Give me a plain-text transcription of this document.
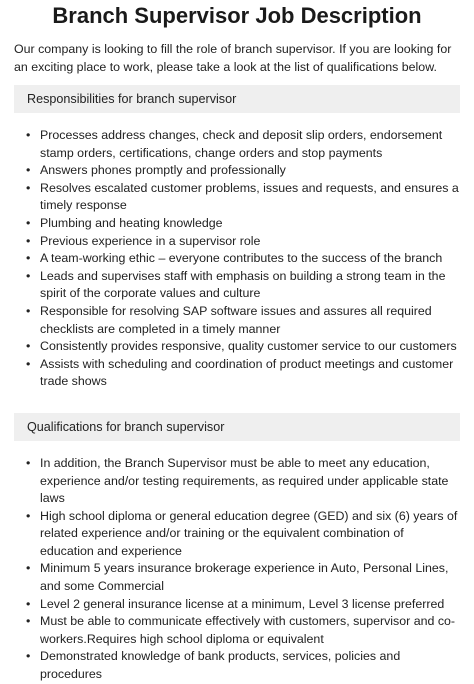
Branch Supervisor Job Description

Our company is looking to fill the role of branch supervisor. If you are looking for an exciting place to work, please take a look at the list of qualifications below.

Responsibilities for branch supervisor
• Processes address changes, check and deposit slip orders, endorsement stamp orders, certifications, change orders and stop payments
• Answers phones promptly and professionally
• Resolves escalated customer problems, issues and requests, and ensures a timely response
• Plumbing and heating knowledge
• Previous experience in a supervisor role
• A team-working ethic – everyone contributes to the success of the branch
• Leads and supervises staff with emphasis on building a strong team in the spirit of the corporate values and culture
• Responsible for resolving SAP software issues and assures all required checklists are completed in a timely manner
• Consistently provides responsive, quality customer service to our customers
• Assists with scheduling and coordination of product meetings and customer trade shows
Qualifications for branch supervisor
• In addition, the Branch Supervisor must be able to meet any education, experience and/or testing requirements, as required under applicable state laws
• High school diploma or general education degree (GED) and six (6) years of related experience and/or training or the equivalent combination of education and experience
• Minimum 5 years insurance brokerage experience in Auto, Personal Lines, and some Commercial
• Level 2 general insurance license at a minimum, Level 3 license preferred
• Must be able to communicate effectively with customers, supervisor and co-workers.Requires high school diploma or equivalent
• Demonstrated knowledge of bank products, services, policies and procedures
